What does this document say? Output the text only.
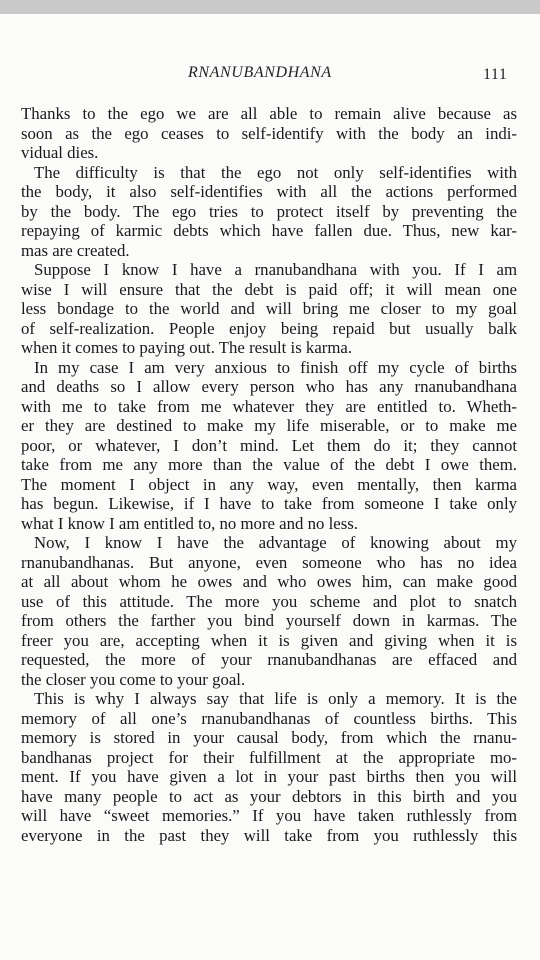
RNANUBANDHANA	111
Thanks to the ego we are all able to remain alive because as
soon as the ego ceases to self-identify with the body an indi-
vidual dies.
The difficulty is that the ego not only self-identifies with
the body, it also self-identifies with all the actions performed
by the body. The ego tries to protect itself by preventing the
repaying of karmic debts which have fallen due. Thus, new kar-
mas are created.
Suppose I know I have a rnanubandhana with you. If I am
wise I will ensure that the debt is paid off; it will mean one
less bondage to the world and will bring me closer to my goal
of self-realization. People enjoy being repaid but usually balk
when it comes to paying out. The result is karma.
In my case I am very anxious to finish off my cycle of births
and deaths so I allow every person who has any rnanubandhana
with me to take from me whatever they are entitled to. Wheth-
er they are destined to make my life miserable, or to make me
poor, or whatever, I don’t mind. Let them do it; they cannot
take from me any more than the value of the debt I owe them.
The moment I object in any way, even mentally, then karma
has begun. Likewise, if I have to take from someone I take only
what I know I am entitled to, no more and no less.
Now, I know I have the advantage of knowing about my
rnanubandhanas. But anyone, even someone who has no idea
at all about whom he owes and who owes him, can make good
use of this attitude. The more you scheme and plot to snatch
from others the farther you bind yourself down in karmas. The
freer you are, accepting when it is given and giving when it is
requested, the more of your rnanubandhanas are effaced and
the closer you come to your goal.
This is why I always say that life is only a memory. It is the
memory of all one’s rnanubandhanas of countless births. This
memory is stored in your causal body, from which the rnanu-
bandhanas project for their fulfillment at the appropriate mo-
ment. If you have given a lot in your past births then you will
have many people to act as your debtors in this birth and you
will have “sweet memories.” If you have taken ruthlessly from
everyone in the past they will take from you ruthlessly this
